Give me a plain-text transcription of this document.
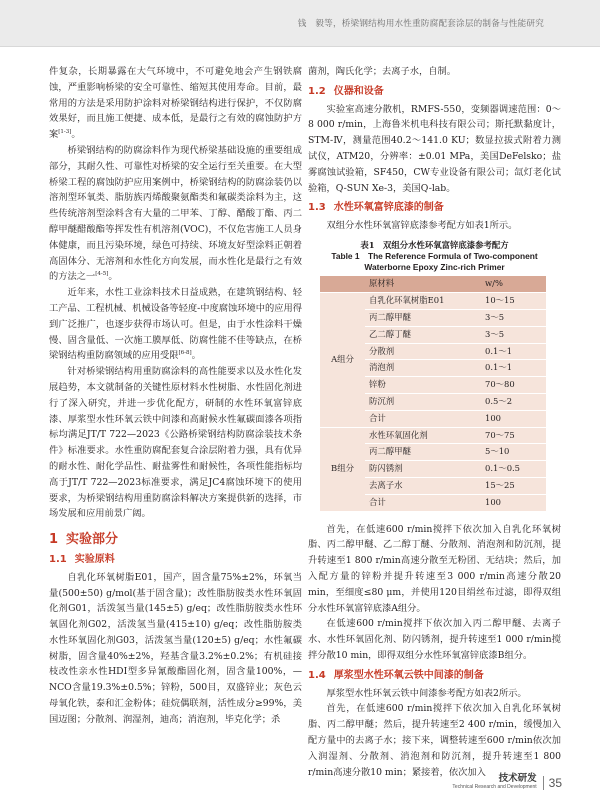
钱　毅等，桥梁钢结构用水性重防腐配套涂层的制备与性能研究

件复杂，长期暴露在大气环境中，不可避免地会产生钢铁腐蚀，严重影响桥梁的安全可靠性、缩短其使用寿命。目前，最常用的方法是采用防护涂料对桥梁钢结构进行保护，不仅防腐效果好，而且施工便捷、成本低，是最行之有效的腐蚀防护方案[1-3]。

桥梁钢结构的防腐涂料作为现代桥梁基础设施的重要组成部分，其耐久性、可靠性对桥梁的安全运行至关重要。在大型桥梁工程的腐蚀防护应用案例中，桥梁钢结构的防腐涂装仍以溶剂型环氧类、脂肪族丙烯酸聚氨酯类和氟碳类涂料为主，这些传统溶剂型涂料含有大量的二甲苯、丁醇、醋酸丁酯、丙二醇甲醚醋酸酯等挥发性有机溶剂(VOC)，不仅危害施工人员身体健康，而且污染环境，绿色可持续、环境友好型涂料正朝着高固体分、无溶剂和水性化方向发展，而水性化是最行之有效的方法之一[4-5]。

近年来，水性工业涂料技术日益成熟，在建筑钢结构、轻工产品、工程机械、机械设备等轻度-中度腐蚀环境中的应用得到广泛推广，也逐步获得市场认可。但是，由于水性涂料干燥慢、固含量低、一次施工膜厚低、防腐性能不佳等缺点，在桥梁钢结构重防腐领域的应用受限[6-8]。

针对桥梁钢结构用重防腐涂料的高性能要求以及水性化发展趋势，本文就制备的关键性原材料水性树脂、水性固化剂进行了深入研究，并进一步优化配方，研制的水性环氧富锌底漆、厚浆型水性环氧云铁中间漆和高耐候水性氟碳面漆各项指标均满足JT/T 722—2023《公路桥梁钢结构防腐涂装技术条件》标准要求。水性重防腐配套复合涂层附着力强，具有优异的耐水性、耐化学品性、耐盐雾性和耐候性，各项性能指标均高于JT/T 722—2023标准要求，满足JC4腐蚀环境下的使用要求，为桥梁钢结构用重防腐涂料解决方案提供新的选择，市场发展和应用前景广阔。

1 实验部分
1.1 实验原料

自乳化环氧树脂E01，国产，固含量75%±2%，环氧当量(500±50) g/mol(基于固含量)；改性脂肪胺类水性环氧固化剂G01，活泼氢当量(145±5) g/eq；改性脂肪胺类水性环氧固化剂G02，活泼氢当量(415±10) g/eq；改性脂肪胺类水性环氧固化剂G03，活泼氢当量(120±5) g/eq；水性氟碳树脂，固含量40%±2%，羟基含量3.2%±0.2%；有机硅接枝改性亲水性HDI型多异氰酸酯固化剂，固含量100%，—NCO含量19.3%±0.5%；锌粉，500目，双盛锌业；灰色云母氧化铁，泰和汇金粉体；硅烷偶联剂，活性成分≥99%，美国迈图；分散剂、润湿剂，迪高；消泡剂，毕克化学；杀

菌剂，陶氏化学；去离子水，自制。

1.2 仪器和设备

实验室高速分散机，RMFS-550，变频器调速范围：0～8 000 r/min，上海鲁米机电科技有限公司；斯托默黏度计，STM-Ⅳ，测量范围40.2～141.0 KU；数显拉拔式附着力测试仪，ATM20，分辨率：±0.01 MPa，美国DeFelsko；盐雾腐蚀试验箱，SF450，CW专业设备有限公司；氙灯老化试验箱，Q-SUN Xe-3，美国Q-lab。

1.3 水性环氧富锌底漆的制备

双组分水性环氧富锌底漆参考配方如表1所示。

表1　双组分水性环氧富锌底漆参考配方
Table 1　The Reference Formula of Two-component
Waterborne Epoxy Zinc-rich Primer
	原材料	w/%
A组分	自乳化环氧树脂E01	10～15
	丙二醇甲醚	3～5
	乙二醇丁醚	3～5
	分散剂	0.1～1
	消泡剂	0.1～1
	锌粉	70～80
	防沉剂	0.5～2
	合计	100
B组分	水性环氧固化剂	70～75
	丙二醇甲醚	5～10
	防闪锈剂	0.1～0.5
	去离子水	15～25
	合计	100

首先，在低速600 r/min搅拌下依次加入自乳化环氧树脂、丙二醇甲醚、乙二醇丁醚、分散剂、消泡剂和防沉剂，提升转速至1 800 r/min高速分散至无粉团、无结块；然后，加入配方量的锌粉并提升转速至3 000 r/min高速分散20 min，至细度≤80 μm，并使用120目绢丝布过滤，即得双组分水性环氧富锌底漆A组分。

在低速600 r/min搅拌下依次加入丙二醇甲醚、去离子水、水性环氧固化剂、防闪锈剂，提升转速至1 000 r/min搅拌分散10 min，即得双组分水性环氧富锌底漆B组分。

1.4 厚浆型水性环氧云铁中间漆的制备

厚浆型水性环氧云铁中间漆参考配方如表2所示。

首先，在低速600 r/min搅拌下依次加入自乳化环氧树脂、丙二醇甲醚；然后，提升转速至2 400 r/min，缓慢加入配方量中的去离子水；接下来，调整转速至600 r/min依次加入润湿剂、分散剂、消泡剂和防沉剂，提升转速至1 800 r/min高速分散10 min；紧接着，依次加入

技术研发
Technical Research and Development	35
